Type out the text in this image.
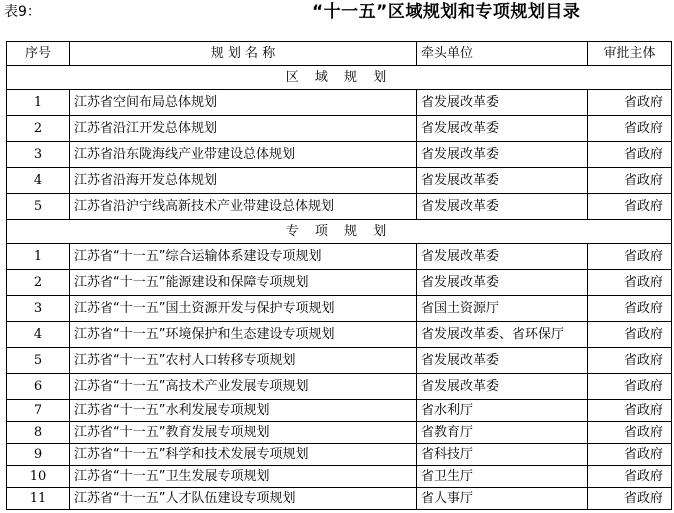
表9：	“十一五”区域规划和专项规划目录
序号	规 划 名 称	牵头单位	审批主体
区 域 规 划			
1	江苏省空间布局总体规划	省发展改革委	省政府
2	江苏省沿江开发总体规划	省发展改革委	省政府
3	江苏省沿东陇海线产业带建设总体规划	省发展改革委	省政府
4	江苏省沿海开发总体规划	省发展改革委	省政府
5	江苏省沿沪宁线高新技术产业带建设总体规划	省发展改革委	省政府
专 项 规 划			
1	江苏省“十一五”综合运输体系建设专项规划	省发展改革委	省政府
2	江苏省“十一五”能源建设和保障专项规划	省发展改革委	省政府
3	江苏省“十一五”国土资源开发与保护专项规划	省国土资源厅	省政府
4	江苏省“十一五”环境保护和生态建设专项规划	省发展改革委、省环保厅	省政府
5	江苏省“十一五”农村人口转移专项规划	省发展改革委	省政府
6	江苏省“十一五”高技术产业发展专项规划	省发展改革委	省政府
7	江苏省“十一五”水利发展专项规划	省水利厅	省政府
8	江苏省“十一五”教育发展专项规划	省教育厅	省政府
9	江苏省“十一五”科学和技术发展专项规划	省科技厅	省政府
10	江苏省“十一五”卫生发展专项规划	省卫生厅	省政府
11	江苏省“十一五”人才队伍建设专项规划	省人事厅	省政府
